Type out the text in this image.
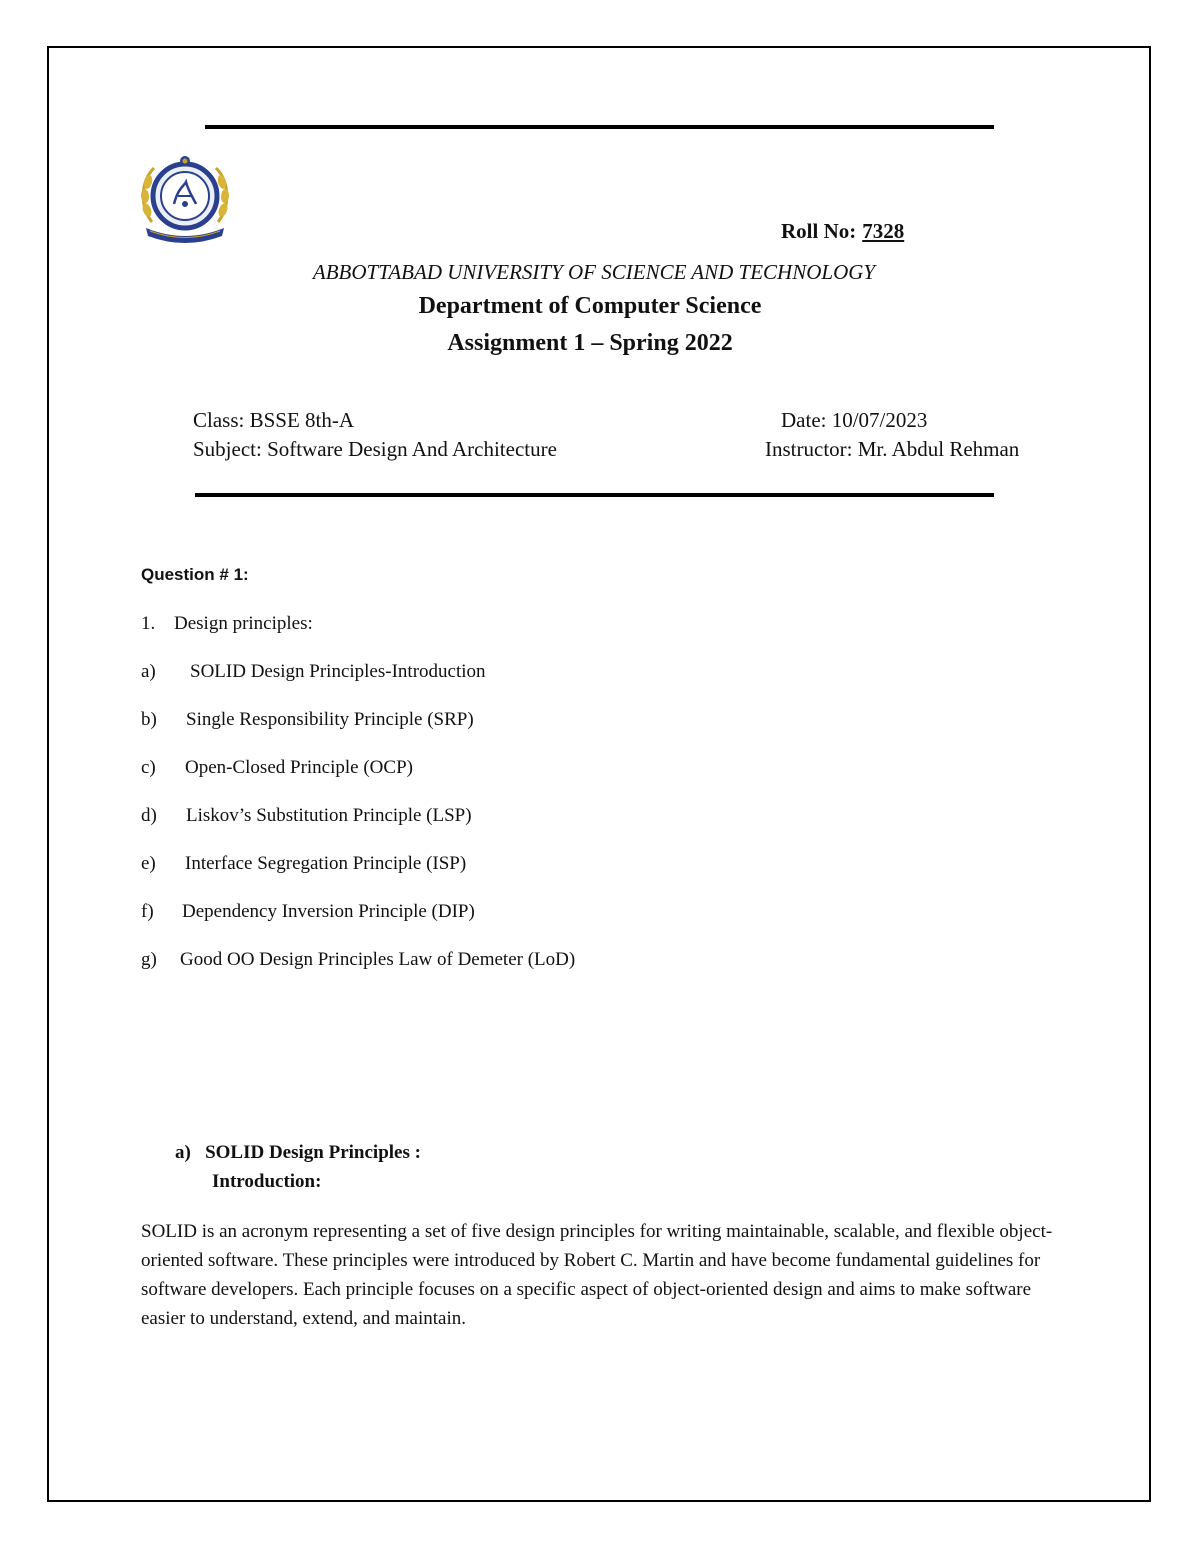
Roll No: 7328
ABBOTTABAD UNIVERSITY OF SCIENCE AND TECHNOLOGY
Department of Computer Science
Assignment 1 – Spring 2022
Class: BSSE 8th-A	Date: 10/07/2023
Subject: Software Design And Architecture	Instructor: Mr. Abdul Rehman
Question # 1:
1. Design principles:
a) SOLID Design Principles-Introduction
b) Single Responsibility Principle (SRP)
c) Open-Closed Principle (OCP)
d) Liskov’s Substitution Principle (LSP)
e) Interface Segregation Principle (ISP)
f) Dependency Inversion Principle (DIP)
g) Good OO Design Principles Law of Demeter (LoD)
a) SOLID Design Principles :
Introduction:
SOLID is an acronym representing a set of five design principles for writing maintainable, scalable, and flexible object-oriented software. These principles were introduced by Robert C. Martin and have become fundamental guidelines for software developers. Each principle focuses on a specific aspect of object-oriented design and aims to make software easier to understand, extend, and maintain.
